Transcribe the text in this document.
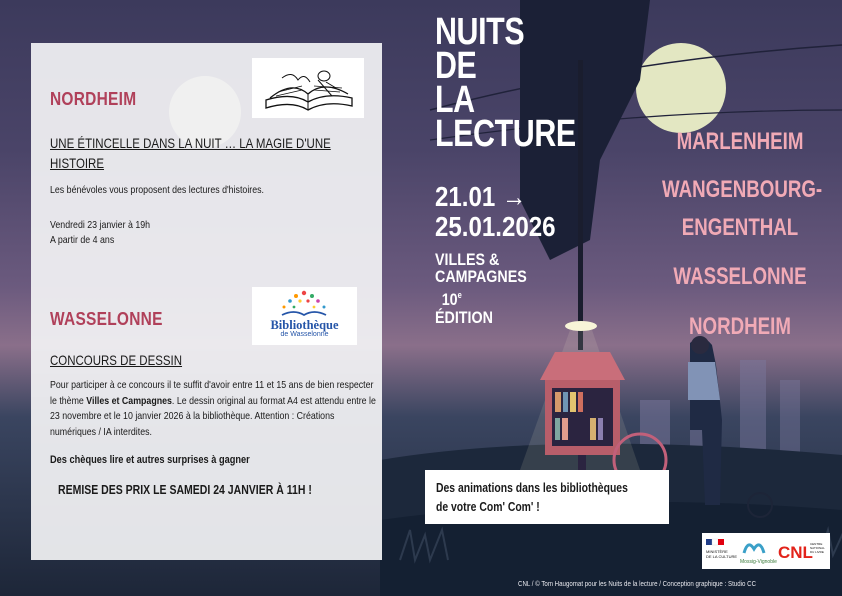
NORDHEIM
UNE ÉTINCELLE DANS LA NUIT … LA MAGIE D'UNE HISTOIRE
Les bénévoles vous proposent des lectures d'histoires.
Vendredi 23 janvier à 19h
A partir de 4 ans
Bibliothèque
de Wasselonne
WASSELONNE
CONCOURS DE DESSIN
Pour participer à ce concours il te suffit d'avoir entre 11 et 15 ans de bien respecter le thème Villes et Campagnes. Le dessin original au format A4 est attendu entre le 23 novembre et le 10 janvier 2026 à la bibliothèque. Attention : Créations numériques / IA interdites.
Des chèques lire et autres surprises à gagner
REMISE DES PRIX LE SAMEDI 24 JANVIER À 11H !
NUITS
DE
LA
LECTURE
21.01 →
25.01.2026
VILLES &
CAMPAGNES
10e
ÉDITION
MARLENHEIM
WANGENBOURG-
ENGENTHAL
WASSELONNE
NORDHEIM
Des animations dans les bibliothèques
de votre Com' Com' !
MINISTÈRE
DE LA CULTURE
Mossig-Vignoble CNL
CENTRE
NATIONAL
DU LIVRE
CNL / © Tom Haugomat pour les Nuits de la lecture / Conception graphique : Studio CC
